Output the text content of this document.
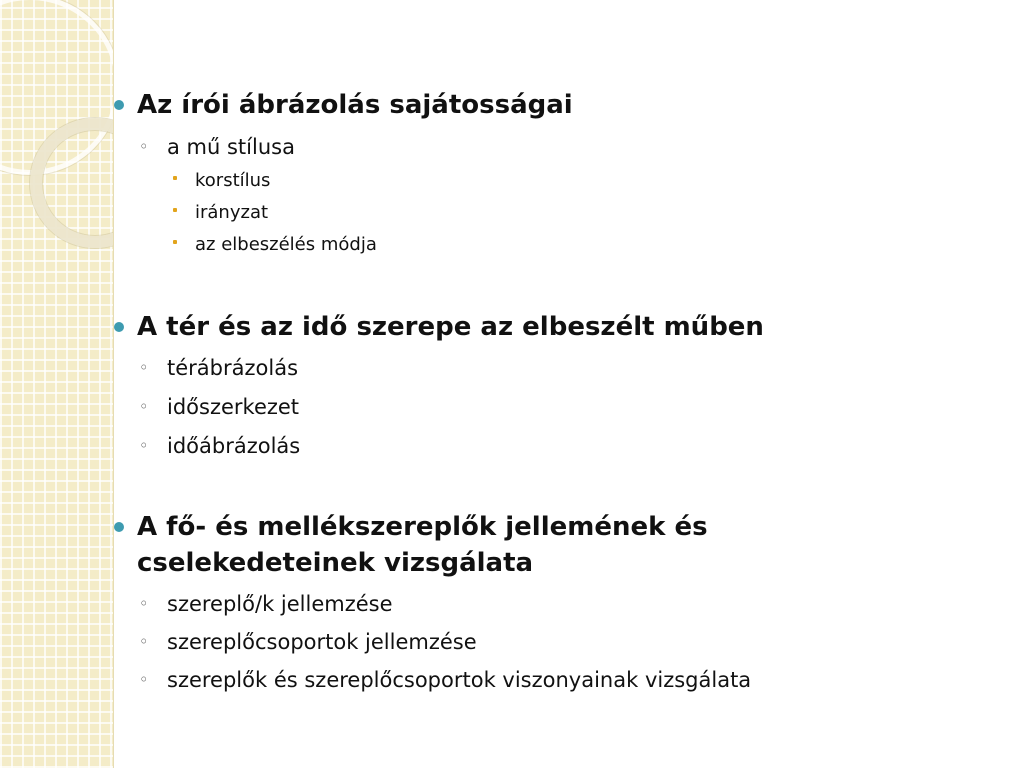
Az írói ábrázolás sajátosságai
◦ a mű stílusa
korstílus
irányzat
az elbeszélés módja
A tér és az idő szerepe az elbeszélt műben
◦ térábrázolás
◦ időszerkezet
◦ időábrázolás
A fő- és mellékszereplők jellemének és
cselekedeteinek vizsgálata
◦ szereplő/k jellemzése
◦ szereplőcsoportok jellemzése
◦ szereplők és szereplőcsoportok viszonyainak vizsgálata
